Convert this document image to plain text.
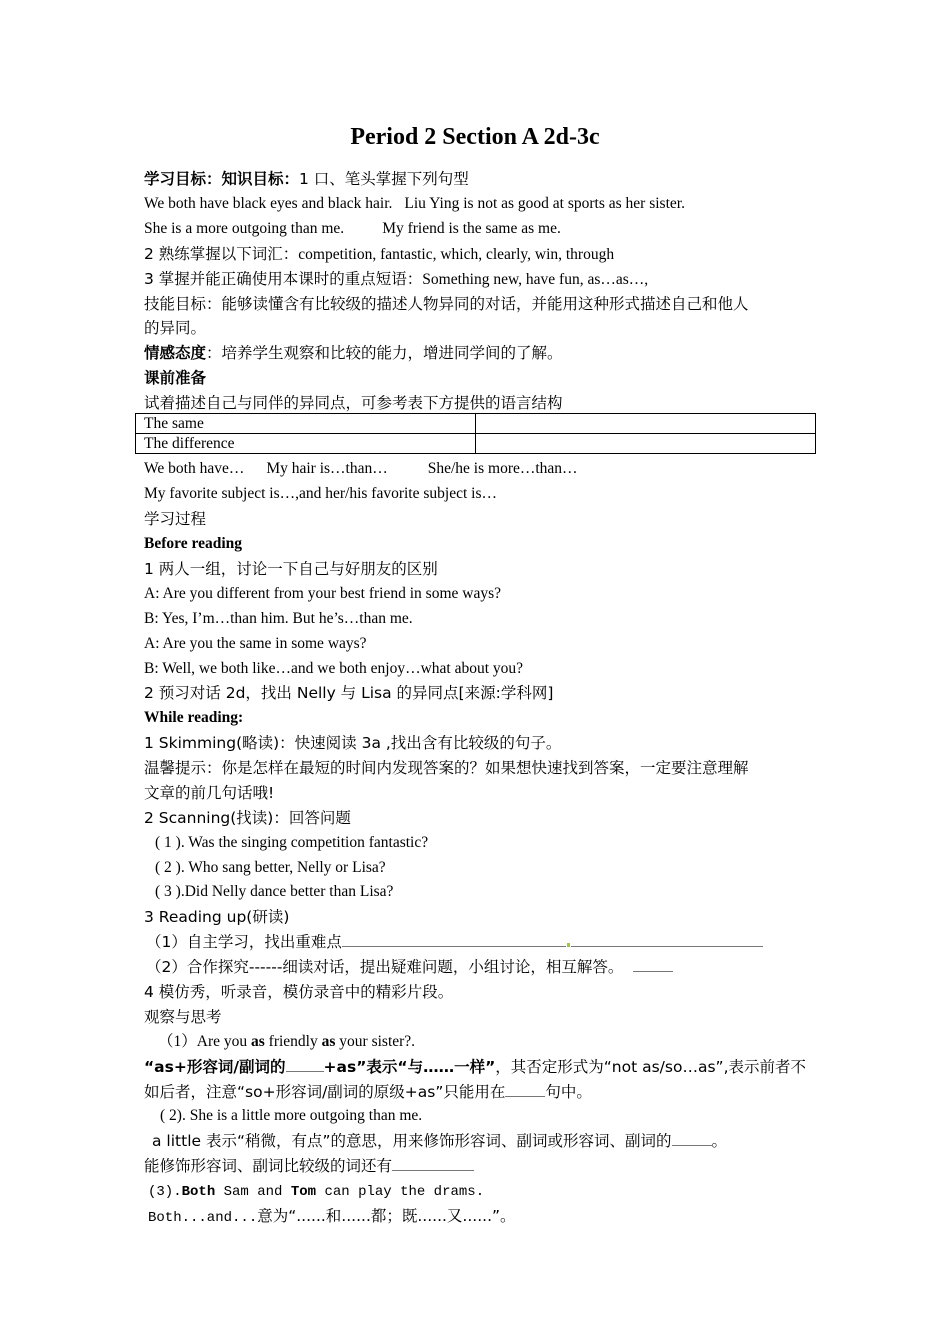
Period 2 Section A 2d-3c
学习目标：知识目标：1 口、笔头掌握下列句型
We both have black eyes and black hair. Liu Ying is not as good at sports as her sister.
She is a more outgoing than me. My friend is the same as me.
2 熟练掌握以下词汇：competition, fantastic, which, clearly, win, through
3 掌握并能正确使用本课时的重点短语：Something new, have fun, as…as…,
技能目标：能够读懂含有比较级的描述人物异同的对话，并能用这种形式描述自己和他人
的异同。
情感态度：培养学生观察和比较的能力，增进同学间的了解。
课前准备
试着描述自己与同伴的异同点，可参考表下方提供的语言结构
The same	
The difference	
We both have… My hair is…than…	She/he is more…than…
My favorite subject is…,and her/his favorite subject is…
学习过程
Before reading
1 两人一组，讨论一下自己与好朋友的区别
A: Are you different from your best friend in some ways?
B: Yes, I’m…than him. But he’s…than me.
A: Are you the same in some ways?
B: Well, we both like…and we both enjoy…what about you?
2 预习对话 2d，找出 Nelly 与 Lisa 的异同点[来源:学科网]
While reading:
1 Skimming(略读)：快速阅读 3a ,找出含有比较级的句子。
温馨提示：你是怎样在最短的时间内发现答案的？如果想快速找到答案，一定要注意理解
文章的前几句话哦!
2 Scanning(找读)：回答问题
( 1 ). Was the singing competition fantastic?
( 2 ). Who sang better, Nelly or Lisa?
( 3 ).Did Nelly dance better than Lisa?
3 Reading up(研读)
（1）自主学习，找出重难点
（2）合作探究------细读对话，提出疑难问题，小组讨论，相互解答。
4 模仿秀，听录音，模仿录音中的精彩片段。
观察与思考
（1）Are you as friendly as your sister?.
“as+形容词/副词的 +as”表示“与……一样”，其否定形式为“not as/so…as”,表示前者不
如后者，注意“so+形容词/副词的原级+as”只能用在	句中。
( 2). She is a little more outgoing than me.
a little 表示“稍微，有点”的意思，用来修饰形容词、副词或形容词、副词的	。
能修饰形容词、副词比较级的词还有
(3).Both Sam and Tom can play the drams.
Both...and...意为“......和......都；既......又......”。
